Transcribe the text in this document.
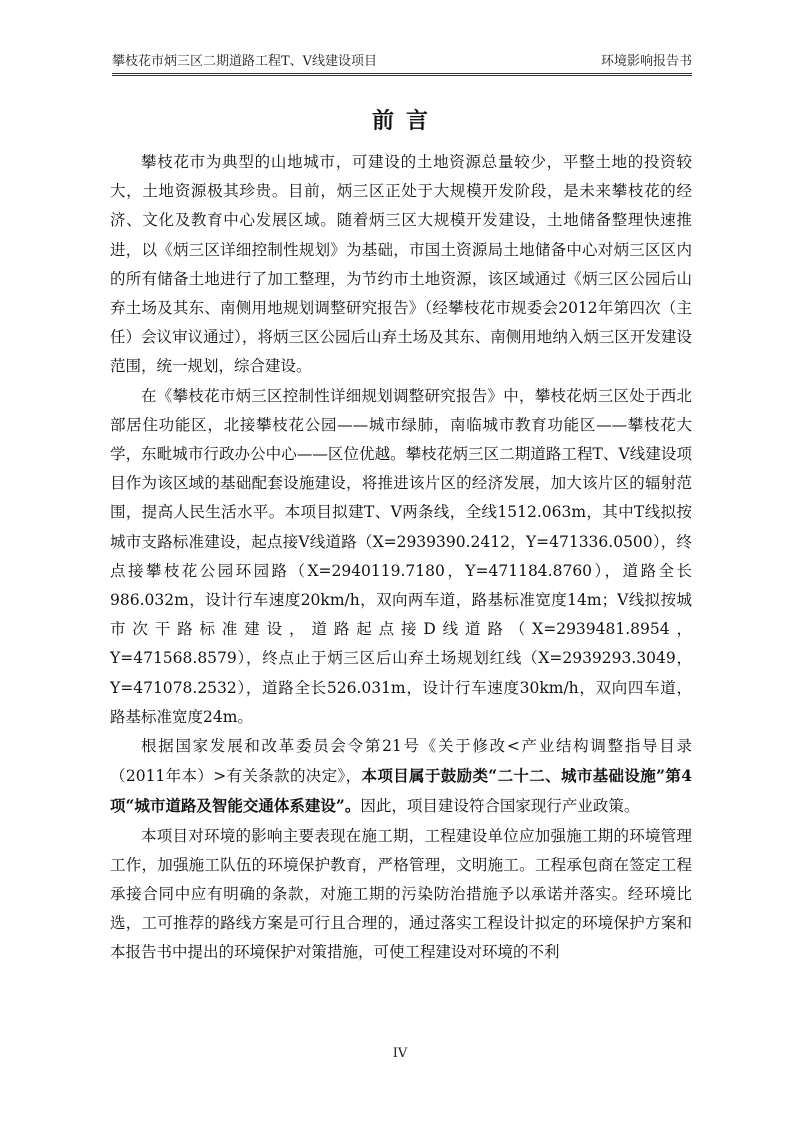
攀枝花市炳三区二期道路工程T、V线建设项目	环境影响报告书
前言

攀枝花市为典型的山地城市，可建设的土地资源总量较少，平整土地的投资较大，土地资源极其珍贵。目前，炳三区正处于大规模开发阶段，是未来攀枝花的经济、文化及教育中心发展区域。随着炳三区大规模开发建设，土地储备整理快速推进，以《炳三区详细控制性规划》为基础，市国土资源局土地储备中心对炳三区区内的所有储备土地进行了加工整理，为节约市土地资源，该区域通过《炳三区公园后山弃土场及其东、南侧用地规划调整研究报告》（经攀枝花市规委会2012年第四次（主任）会议审议通过），将炳三区公园后山弃土场及其东、南侧用地纳入炳三区开发建设范围，统一规划，综合建设。

在《攀枝花市炳三区控制性详细规划调整研究报告》中，攀枝花炳三区处于西北部居住功能区，北接攀枝花公园——城市绿肺，南临城市教育功能区——攀枝花大学，东毗城市行政办公中心——区位优越。攀枝花炳三区二期道路工程T、V线建设项目作为该区域的基础配套设施建设，将推进该片区的经济发展，加大该片区的辐射范围，提高人民生活水平。本项目拟建T、V两条线，全线1512.063m，其中T线拟按城市支路标准建设，起点接V线道路（X=2939390.2412，Y=471336.0500），终点接攀枝花公园环园路（X=2940119.7180，Y=471184.8760），道路全长986.032m，设计行车速度20km/h，双向两车道，路基标准宽度14m；V线拟按城市次干路标准建设，道路起点接D线道路（X=2939481.8954，Y=471568.8579），终点止于炳三区后山弃土场规划红线（X=2939293.3049，Y=471078.2532），道路全长526.031m，设计行车速度30km/h，双向四车道，路基标准宽度24m。

根据国家发展和改革委员会令第21号《关于修改<产业结构调整指导目录（2011年本）>有关条款的决定》，本项目属于鼓励类“二十二、城市基础设施”第4项“城市道路及智能交通体系建设”。因此，项目建设符合国家现行产业政策。

本项目对环境的影响主要表现在施工期，工程建设单位应加强施工期的环境管理工作，加强施工队伍的环境保护教育，严格管理，文明施工。工程承包商在签定工程承接合同中应有明确的条款，对施工期的污染防治措施予以承诺并落实。经环境比选，工可推荐的路线方案是可行且合理的，通过落实工程设计拟定的环境保护方案和本报告书中提出的环境保护对策措施，可使工程建设对环境的不利

IV
